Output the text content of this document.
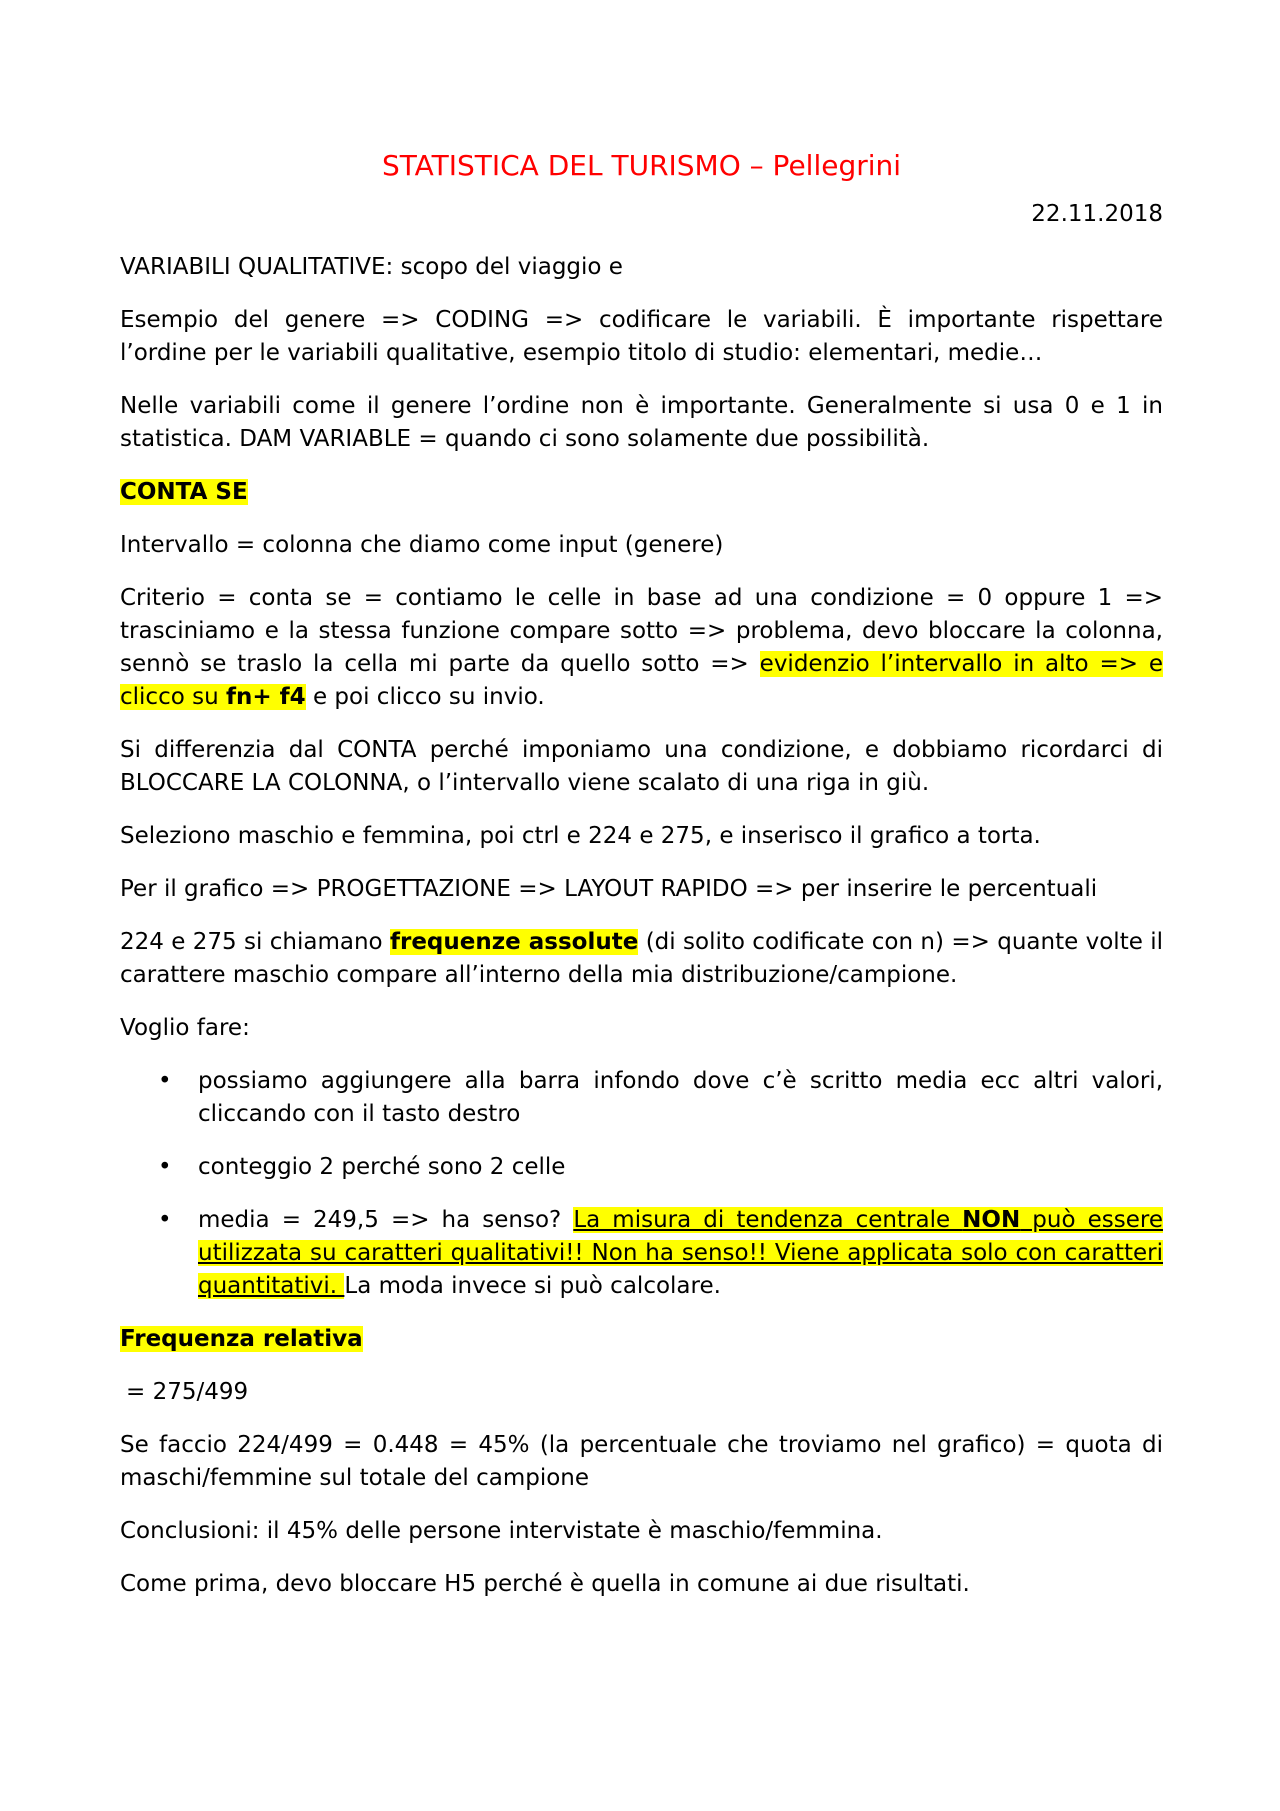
STATISTICA DEL TURISMO – Pellegrini

22.11.2018

VARIABILI QUALITATIVE: scopo del viaggio e

Esempio del genere => CODING => codificare le variabili. È importante rispettare l’ordine per le variabili qualitative, esempio titolo di studio: elementari, medie…

Nelle variabili come il genere l’ordine non è importante. Generalmente si usa 0 e 1 in statistica. DAM VARIABLE = quando ci sono solamente due possibilità.

CONTA SE

Intervallo = colonna che diamo come input (genere)

Criterio = conta se = contiamo le celle in base ad una condizione = 0 oppure 1 => trasciniamo e la stessa funzione compare sotto => problema, devo bloccare la colonna, sennò se traslo la cella mi parte da quello sotto => evidenzio l’intervallo in alto => e clicco su fn+ f4 e poi clicco su invio.

Si differenzia dal CONTA perché imponiamo una condizione, e dobbiamo ricordarci di BLOCCARE LA COLONNA, o l’intervallo viene scalato di una riga in giù.

Seleziono maschio e femmina, poi ctrl e 224 e 275, e inserisco il grafico a torta.

Per il grafico => PROGETTAZIONE => LAYOUT RAPIDO => per inserire le percentuali

224 e 275 si chiamano frequenze assolute (di solito codificate con n) => quante volte il carattere maschio compare all’interno della mia distribuzione/campione.

Voglio fare:

• possiamo aggiungere alla barra infondo dove c’è scritto media ecc altri valori, cliccando con il tasto destro
• conteggio 2 perché sono 2 celle
• media = 249,5 => ha senso? La misura di tendenza centrale NON può essere utilizzata su caratteri qualitativi!! Non ha senso!! Viene applicata solo con caratteri quantitativi. La moda invece si può calcolare.

Frequenza relativa

= 275/499

Se faccio 224/499 = 0.448 = 45% (la percentuale che troviamo nel grafico) = quota di maschi/femmine sul totale del campione

Conclusioni: il 45% delle persone intervistate è maschio/femmina.

Come prima, devo bloccare H5 perché è quella in comune ai due risultati.
